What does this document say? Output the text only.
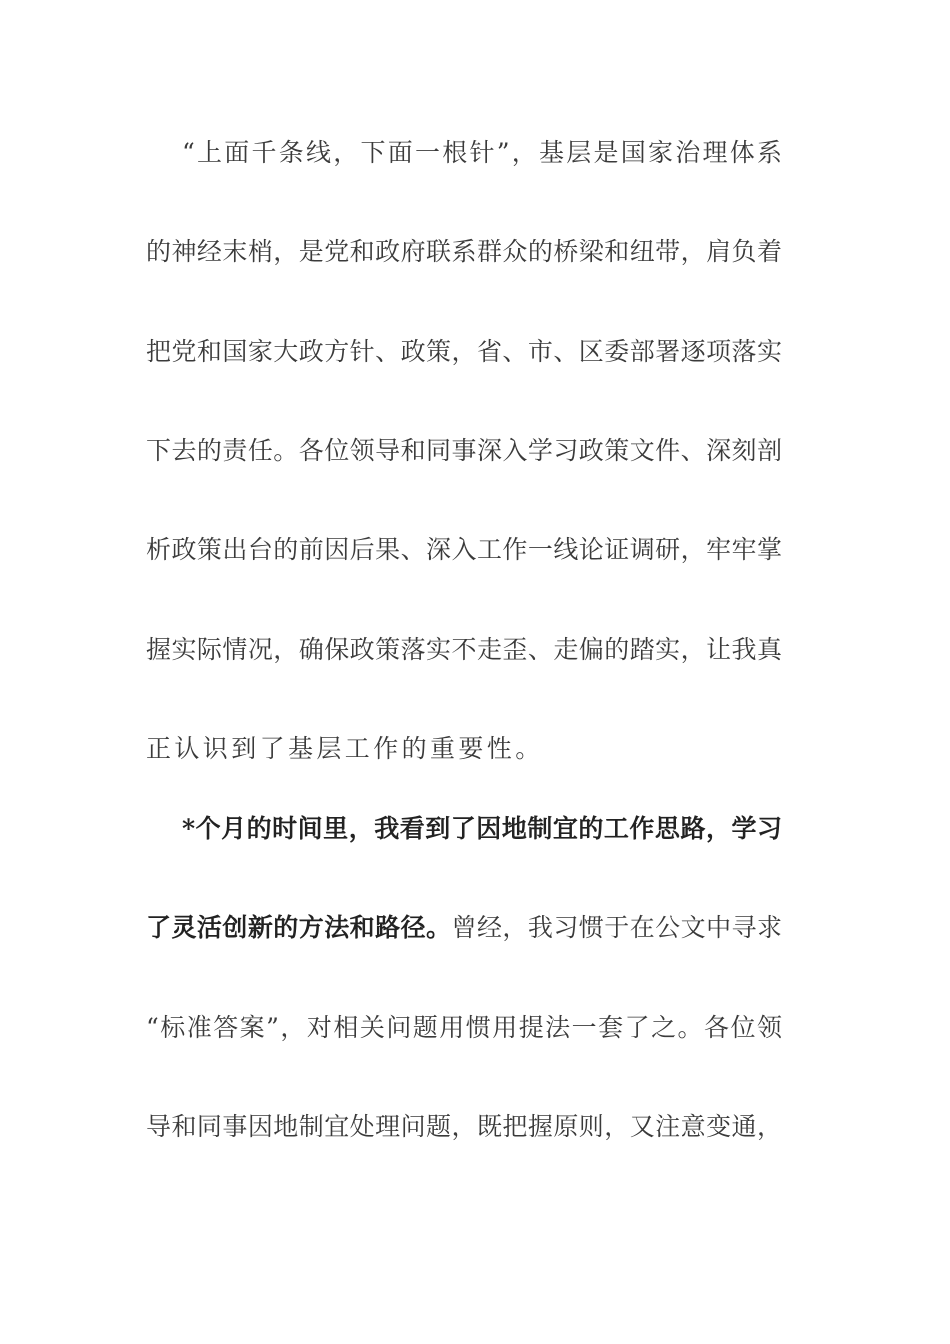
“上面千条线，下面一根针”，基层是国家治理体系
的神经末梢，是党和政府联系群众的桥梁和纽带，肩负着
把党和国家大政方针、政策，省、市、区委部署逐项落实
下去的责任。各位领导和同事深入学习政策文件、深刻剖
析政策出台的前因后果、深入工作一线论证调研，牢牢掌
握实际情况，确保政策落实不走歪、走偏的踏实，让我真
正认识到了基层工作的重要性。
*个月的时间里，我看到了因地制宜的工作思路，学习
了灵活创新的方法和路径。曾经，我习惯于在公文中寻求
“标准答案”，对相关问题用惯用提法一套了之。各位领
导和同事因地制宜处理问题，既把握原则，又注意变通，
